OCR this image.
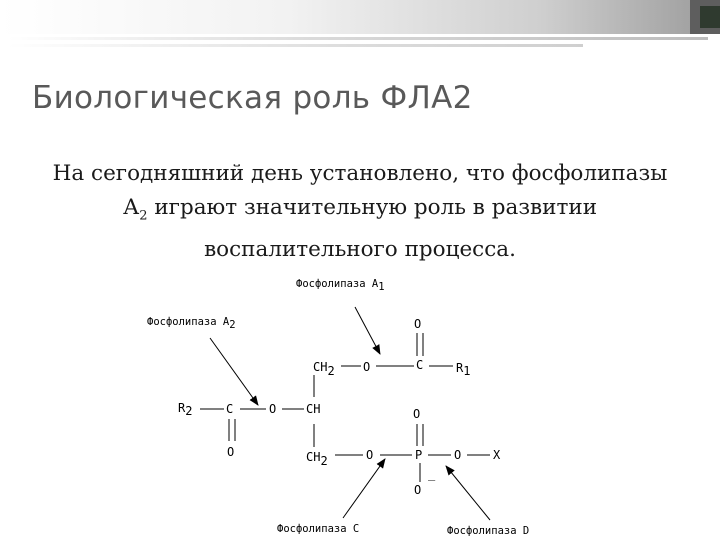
Биологическая роль ФЛА2
На сегодняшний день установлено, что фосфолипазы $А_2$ играют значительную роль в развитии воспалительного процесса.
Фосфолипаза А1
Фосфолипаза А2
Фосфолипаза С	Фосфолипаза D
CH2 O	C
O
R1
R2	C
O
O CH
CH2	O	P
O
_
O
O	X
